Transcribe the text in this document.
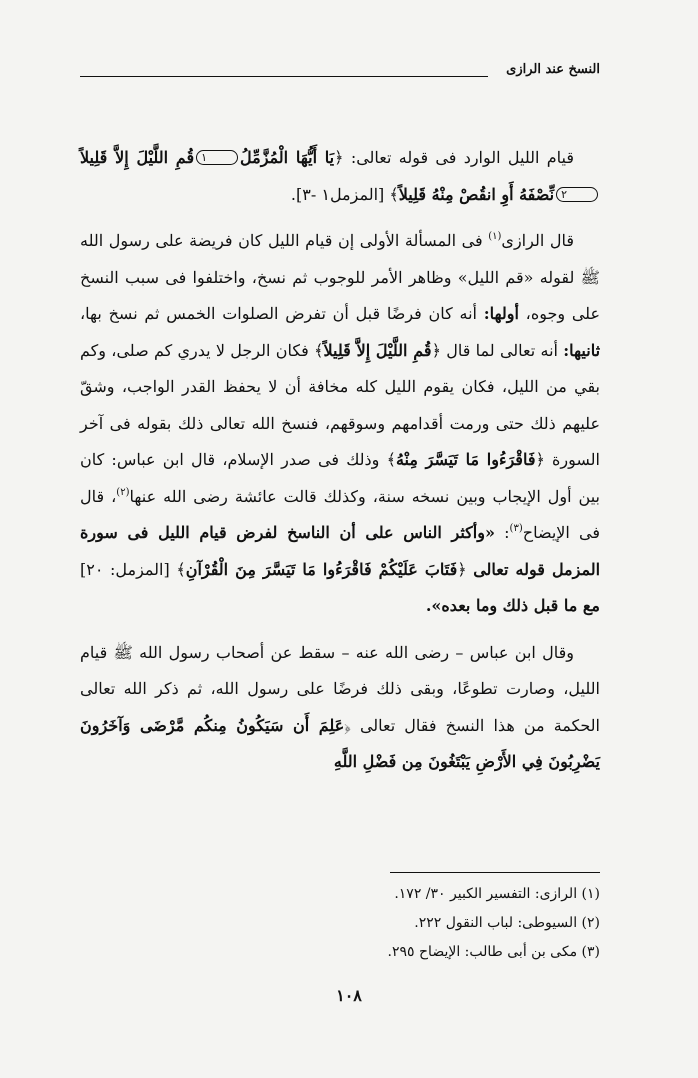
النسخ عند الرازى

قيام الليل الوارد فى قوله تعالى: ﴿يَا أَيُّهَا الْمُزَّمِّلُ١قُمِ اللَّيْلَ إِلاَّ قَلِيلاً٢نِّصْفَهُ أَوِ انقُصْ مِنْهُ قَلِيلاً﴾ [المزمل١ -٣].

قال الرازى$^{(١)}$ فى المسألة الأولى إن قيام الليل كان فريضة على رسول الله ﷺ لقوله «قم الليل» وظاهر الأمر للوجوب ثم نسخ، واختلفوا فى سبب النسخ على وجوه، أولها: أنه كان فرضًا قبل أن تفرض الصلوات الخمس ثم نسخ بها، ثانيها: أنه تعالى لما قال ﴿قُمِ اللَّيْلَ إِلاَّ قَلِيلاً﴾ فكان الرجل لا يدري كم صلى، وكم بقي من الليل، فكان يقوم الليل كله مخافة أن لا يحفظ القدر الواجب، وشقّ عليهم ذلك حتى ورمت أقدامهم وسوقهم، فنسخ الله تعالى ذلك بقوله فى آخر السورة ﴿فَاقْرَءُوا مَا تَيَسَّرَ مِنْهُ﴾ وذلك فى صدر الإسلام، قال ابن عباس: كان بين أول الإيجاب وبين نسخه سنة، وكذلك قالت عائشة رضى الله عنها$^{(٢)}$، قال فى الإيضاح$^{(٣)}$: «وأكثر الناس على أن الناسخ لفرض قيام الليل فى سورة المزمل قوله تعالى ﴿فَتَابَ عَلَيْكُمْ فَاقْرَءُوا مَا تَيَسَّرَ مِنَ الْقُرْآنِ﴾ [المزمل: ٢٠] مع ما قبل ذلك وما بعده».

وقال ابن عباس – رضى الله عنه – سقط عن أصحاب رسول الله ﷺ قيام الليل، وصارت تطوعًا، وبقى ذلك فرضًا على رسول الله، ثم ذكر الله تعالى الحكمة من هذا النسخ فقال تعالى ﴿عَلِمَ أَن سَيَكُونُ مِنكُم مَّرْضَى وَآخَرُونَ يَضْرِبُونَ فِي الأَرْضِ يَبْتَغُونَ مِن فَضْلِ اللَّهِ

(١) الرازى: التفسير الكبير ٣٠/ ١٧٢.
(٢) السيوطى: لباب النقول ٢٢٢.
(٣) مكى بن أبى طالب: الإيضاح ٢٩٥.
١٠٨
